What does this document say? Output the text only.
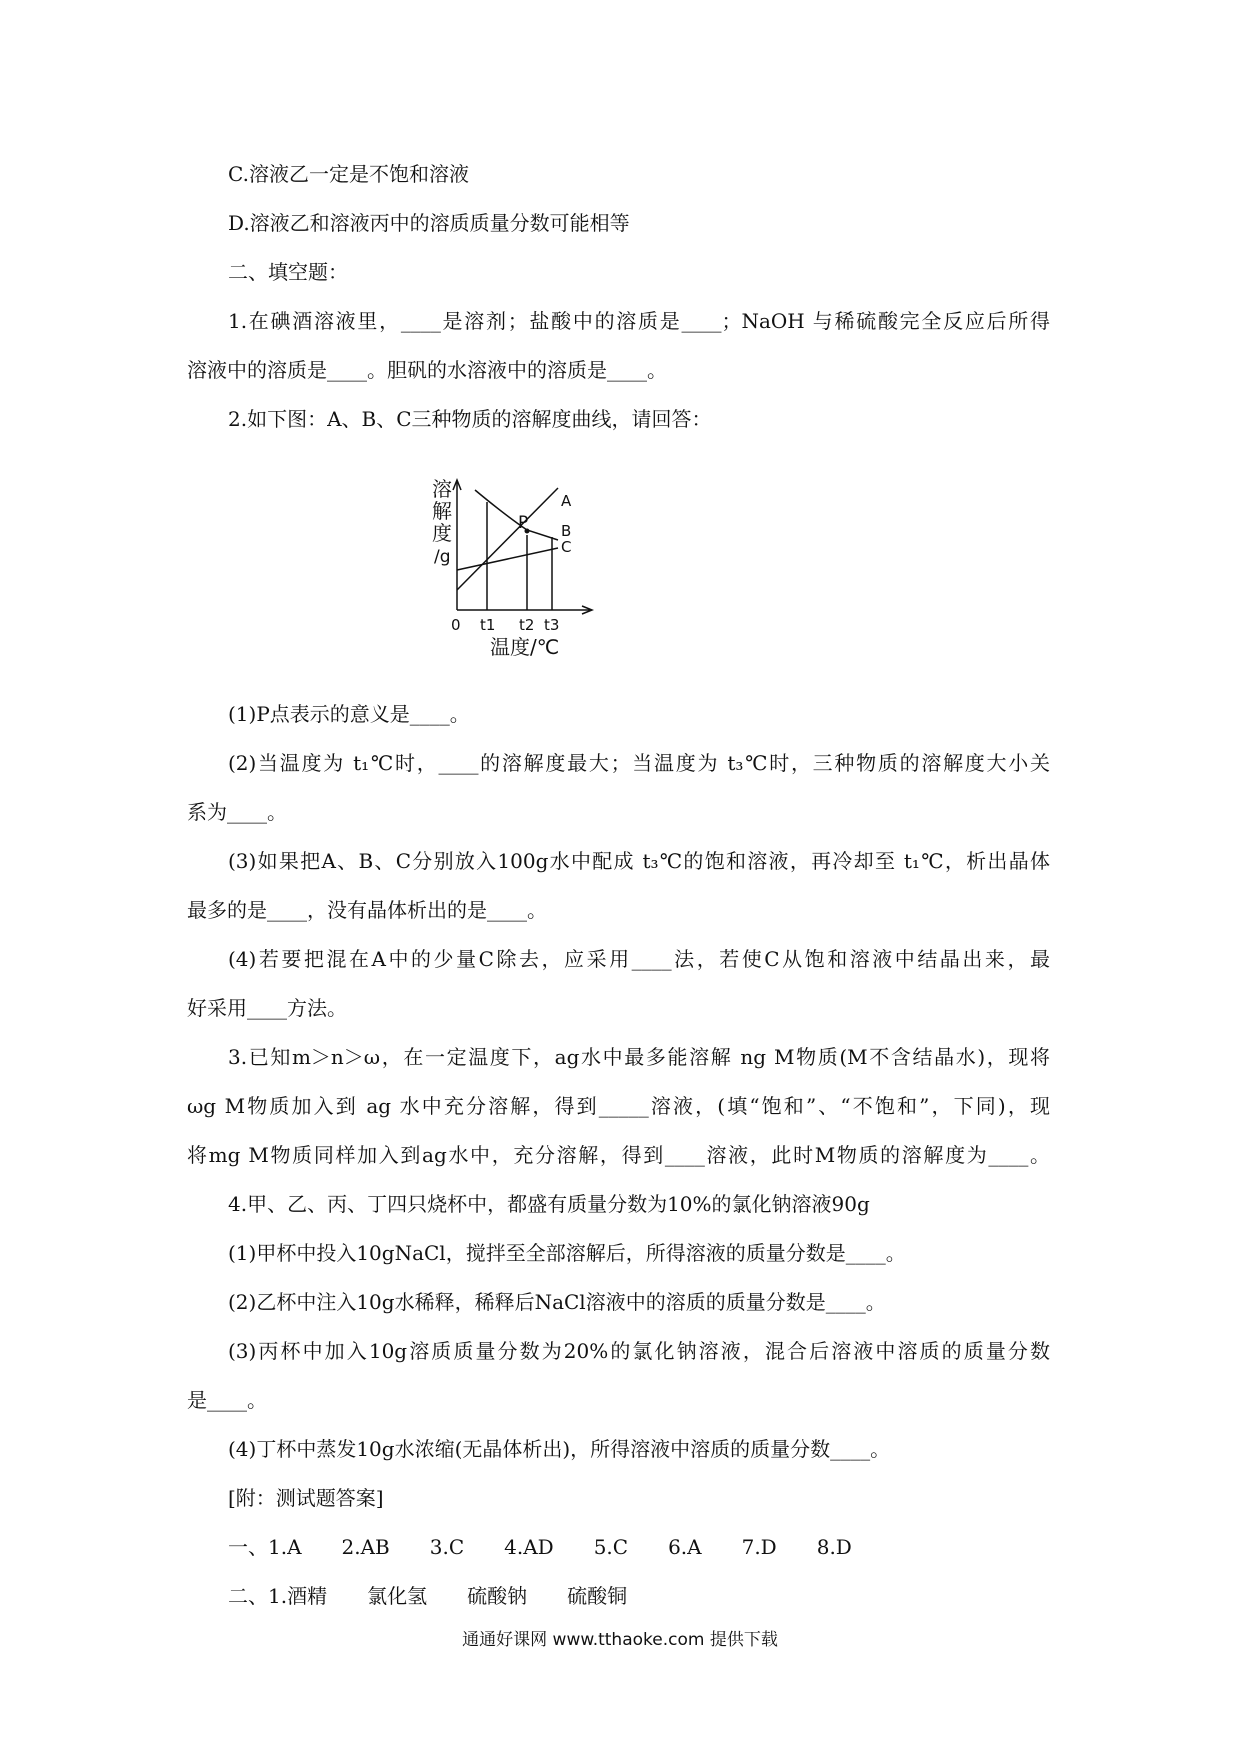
C.溶液乙一定是不饱和溶液
D.溶液乙和溶液丙中的溶质质量分数可能相等
二、填空题：
1.在碘酒溶液里，____是溶剂；盐酸中的溶质是____；NaOH 与稀硫酸完全反应后所得
溶液中的溶质是____。胆矾的水溶液中的溶质是____。
2.如下图：A、B、C三种物质的溶解度曲线，请回答：
溶
解
度
/g
P
A
B
C
0 t1 t2 t3
温度/℃
(1)P点表示的意义是____。
(2)当温度为 t₁℃时，____的溶解度最大；当温度为 t₃℃时，三种物质的溶解度大小关
系为____。
(3)如果把A、B、C分别放入100g水中配成 t₃℃的饱和溶液，再冷却至 t₁℃，析出晶体
最多的是____，没有晶体析出的是____。
(4)若要把混在A中的少量C除去，应采用____法，若使C从饱和溶液中结晶出来，最
好采用____方法。
3.已知m＞n＞ω，在一定温度下，ag水中最多能溶解 ng M物质(M不含结晶水)，现将
ωg M物质加入到 ag 水中充分溶解，得到_____溶液，(填“饱和”、“不饱和”，下同)，现
将mg M物质同样加入到ag水中，充分溶解，得到____溶液，此时M物质的溶解度为____。
4.甲、乙、丙、丁四只烧杯中，都盛有质量分数为10%的氯化钠溶液90g
(1)甲杯中投入10gNaCl，搅拌至全部溶解后，所得溶液的质量分数是____。
(2)乙杯中注入10g水稀释，稀释后NaCl溶液中的溶质的质量分数是____。
(3)丙杯中加入10g溶质质量分数为20%的氯化钠溶液，混合后溶液中溶质的质量分数
是____。
(4)丁杯中蒸发10g水浓缩(无晶体析出)，所得溶液中溶质的质量分数____。
[附：测试题答案]
一、1.A　　2.AB　　3.C　　4.AD　　5.C　　6.A　　7.D　　8.D
二、1.酒精　　氯化氢　　硫酸钠　　硫酸铜
通通好课网 www.tthaoke.com 提供下载
